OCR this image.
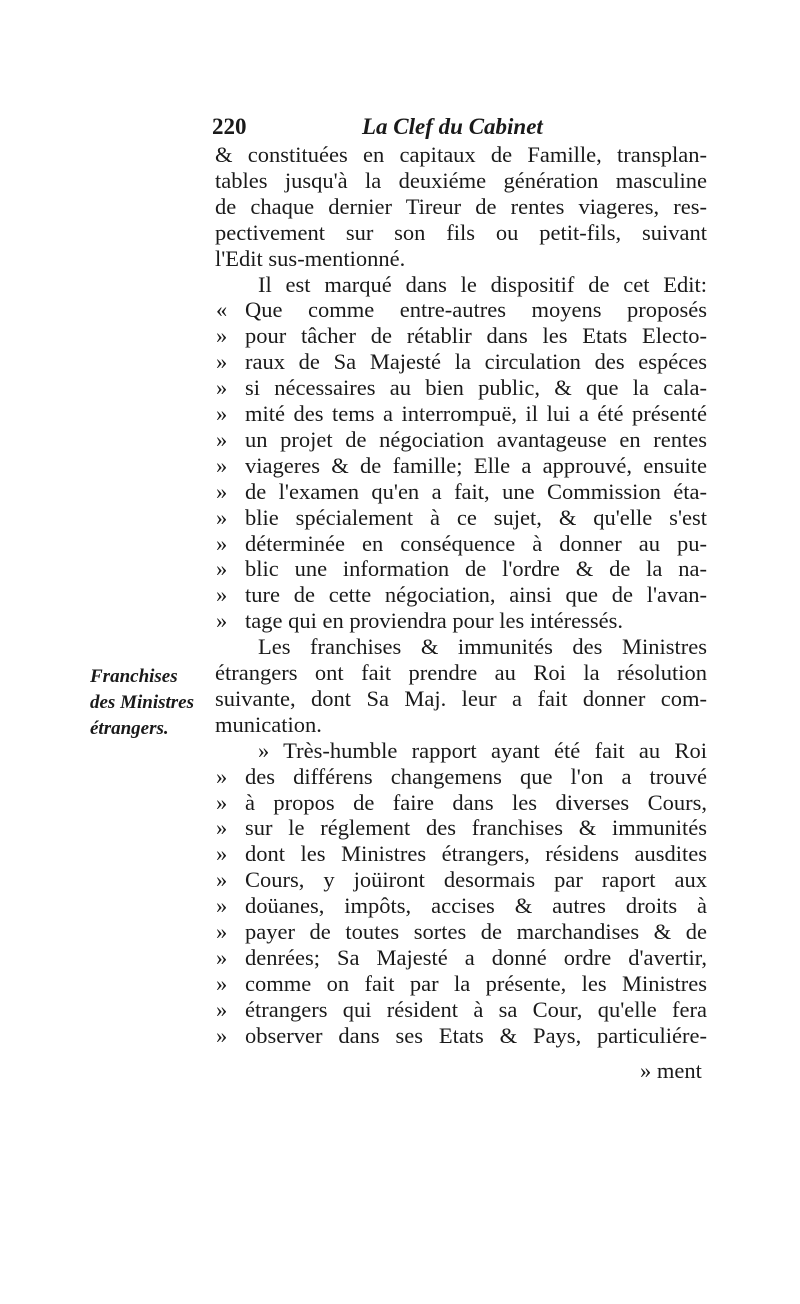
220	La Clef du Cabinet
& constituées en capitaux de Famille, transplan-
tables jusqu'à la deuxiéme génération masculine
de chaque dernier Tireur de rentes viageres, res-
pectivement sur son fils ou petit-fils, suivant
l'Edit sus-mentionné.
Il est marqué dans le dispositif de cet Edit:
« Que comme entre-autres moyens proposés
» pour tâcher de rétablir dans les Etats Electo-
» raux de Sa Majesté la circulation des espéces
» si nécessaires au bien public, & que la cala-
» mité des tems a interrompuë, il lui a été présenté
» un projet de négociation avantageuse en rentes
» viageres & de famille; Elle a approuvé, ensuite
» de l'examen qu'en a fait, une Commission éta-
» blie spécialement à ce sujet, & qu'elle s'est
» déterminée en conséquence à donner au pu-
» blic une information de l'ordre & de la na-
» ture de cette négociation, ainsi que de l'avan-
» tage qui en proviendra pour les intéressés.
Les franchises & immunités des Ministres
étrangers ont fait prendre au Roi la résolution
suivante, dont Sa Maj. leur a fait donner com-
munication.
» Très-humble rapport ayant été fait au Roi
» des différens changemens que l'on a trouvé
» à propos de faire dans les diverses Cours,
» sur le réglement des franchises & immunités
» dont les Ministres étrangers, résidens ausdites
» Cours, y joüiront desormais par raport aux
» doüanes, impôts, accises & autres droits à
» payer de toutes sortes de marchandises & de
» denrées; Sa Majesté a donné ordre d'avertir,
» comme on fait par la présente, les Ministres
» étrangers qui résident à sa Cour, qu'elle fera
» observer dans ses Etats & Pays, particuliére-
Franchises
des Ministres
étrangers.
» ment
